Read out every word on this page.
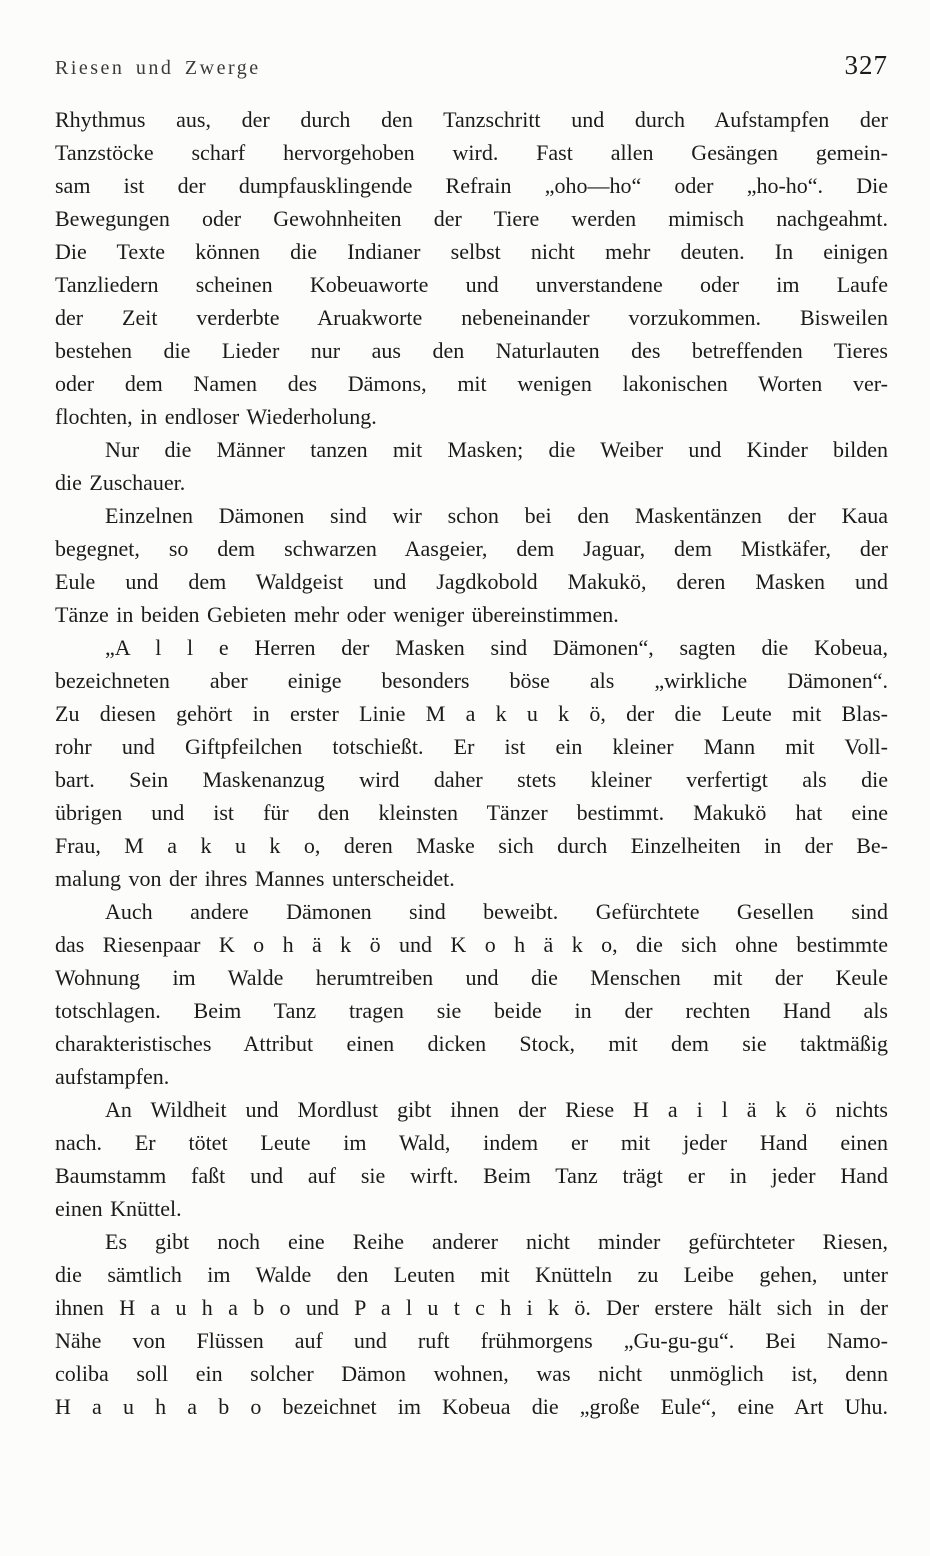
Riesen und Zwerge	327
Rhythmus aus, der durch den Tanzschritt und durch Aufstampfen der
Tanzstöcke scharf hervorgehoben wird. Fast allen Gesängen gemein-
sam ist der dumpfausklingende Refrain „oho—ho“ oder „ho-ho“. Die
Bewegungen oder Gewohnheiten der Tiere werden mimisch nachgeahmt.
Die Texte können die Indianer selbst nicht mehr deuten. In einigen
Tanzliedern scheinen Kobeuaworte und unverstandene oder im Laufe
der Zeit verderbte Aruakworte nebeneinander vorzukommen. Bisweilen
bestehen die Lieder nur aus den Naturlauten des betreffenden Tieres
oder dem Namen des Dämons, mit wenigen lakonischen Worten ver-
flochten, in endloser Wiederholung.
Nur die Männer tanzen mit Masken; die Weiber und Kinder bilden
die Zuschauer.
Einzelnen Dämonen sind wir schon bei den Maskentänzen der Kaua
begegnet, so dem schwarzen Aasgeier, dem Jaguar, dem Mistkäfer, der
Eule und dem Waldgeist und Jagdkobold Makukö, deren Masken und
Tänze in beiden Gebieten mehr oder weniger übereinstimmen.
„A l l e Herren der Masken sind Dämonen“, sagten die Kobeua,
bezeichneten aber einige besonders böse als „wirkliche Dämonen“.
Zu diesen gehört in erster Linie M a k u k ö, der die Leute mit Blas-
rohr und Giftpfeilchen totschießt. Er ist ein kleiner Mann mit Voll-
bart. Sein Maskenanzug wird daher stets kleiner verfertigt als die
übrigen und ist für den kleinsten Tänzer bestimmt. Makukö hat eine
Frau, M a k u k o, deren Maske sich durch Einzelheiten in der Be-
malung von der ihres Mannes unterscheidet.
Auch andere Dämonen sind beweibt. Gefürchtete Gesellen sind
das Riesenpaar K o h ä k ö und K o h ä k o, die sich ohne bestimmte
Wohnung im Walde herumtreiben und die Menschen mit der Keule
totschlagen. Beim Tanz tragen sie beide in der rechten Hand als
charakteristisches Attribut einen dicken Stock, mit dem sie taktmäßig
aufstampfen.
An Wildheit und Mordlust gibt ihnen der Riese H a i l ä k ö nichts
nach. Er tötet Leute im Wald, indem er mit jeder Hand einen
Baumstamm faßt und auf sie wirft. Beim Tanz trägt er in jeder Hand
einen Knüttel.
Es gibt noch eine Reihe anderer nicht minder gefürchteter Riesen,
die sämtlich im Walde den Leuten mit Knütteln zu Leibe gehen, unter
ihnen H a u h a b o und P a l u t c h i k ö. Der erstere hält sich in der
Nähe von Flüssen auf und ruft frühmorgens „Gu-gu-gu“. Bei Namo-
coliba soll ein solcher Dämon wohnen, was nicht unmöglich ist, denn
H a u h a b o bezeichnet im Kobeua die „große Eule“, eine Art Uhu.
